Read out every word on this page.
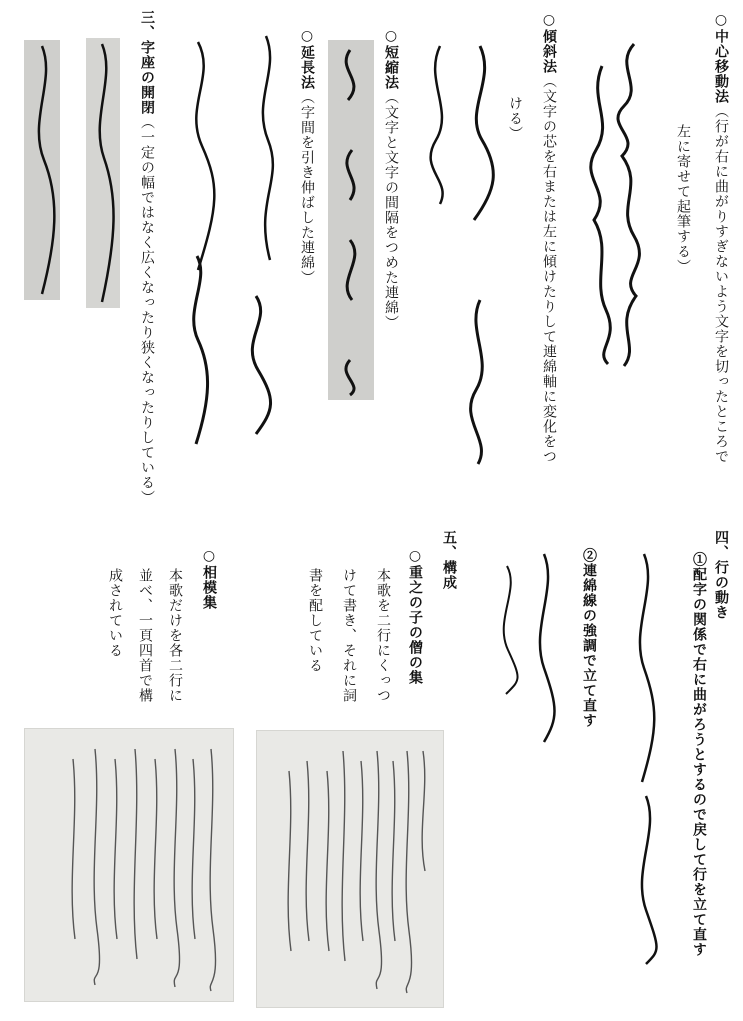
○中心移動法（行が右に曲がりすぎないよう文字を切ったところで
左に寄せて起筆する）
○傾斜法（文字の芯を右または左に傾けたりして連綿軸に変化をつ
ける）
○短縮法（文字と文字の間隔をつめた連綿）
○延長法（字間を引き伸ばした連綿）
三、字座の開閉（一定の幅ではなく広くなったり狭くなったりしている）
四、行の動き
①配字の関係で右に曲がろうとするので戻して行を立て直す
②連綿線の強調で立て直す
五、構成
○重之の子の僧の集
本歌を二行にくっつ
けて書き、それに詞
書を配している
○相模集
本歌だけを各二行に
並べ、一頁四首で構
成されている
